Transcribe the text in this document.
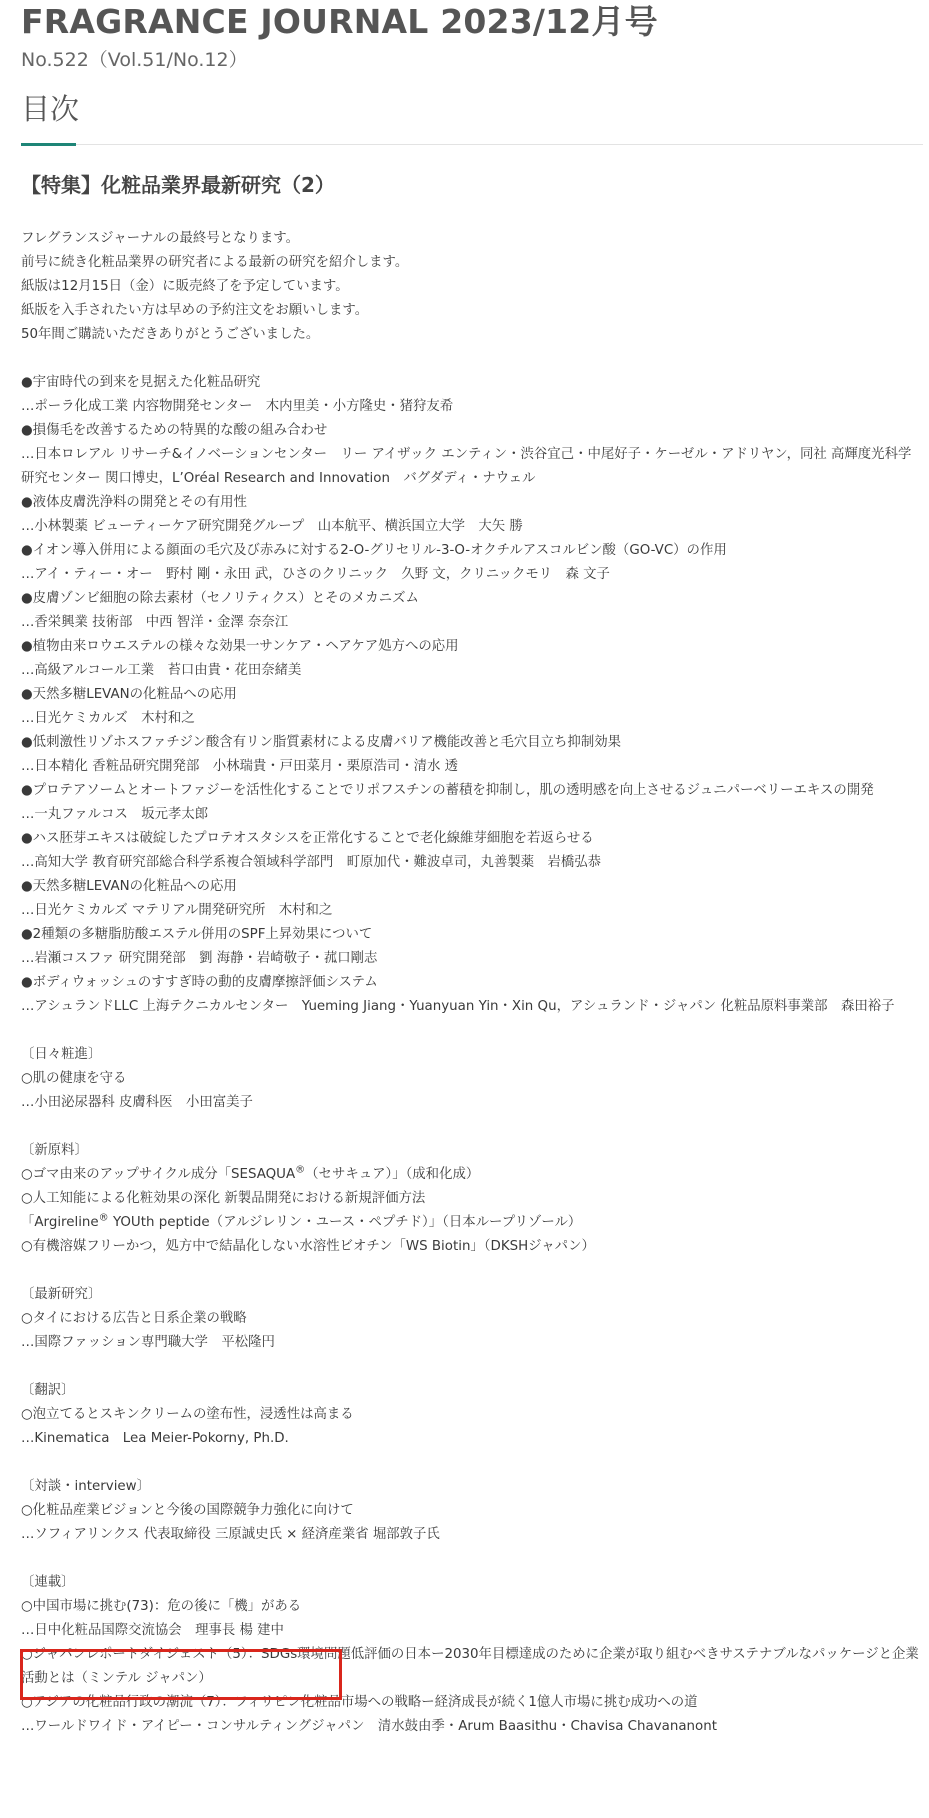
FRAGRANCE JOURNAL 2023/12月号
No.522（Vol.51/No.12）
目次
【特集】化粧品業界最新研究（2）
フレグランスジャーナルの最終号となります。
前号に続き化粧品業界の研究者による最新の研究を紹介します。
紙版は12月15日（金）に販売終了を予定しています。
紙版を入手されたい方は早めの予約注文をお願いします。
50年間ご購読いただきありがとうございました。
●宇宙時代の到来を見据えた化粧品研究
…ポーラ化成工業 内容物開発センター　木内里美・小方隆史・猪狩友希
●損傷毛を改善するための特異的な酸の組み合わせ
…日本ロレアル リサーチ&イノベーションセンター　リー アイザック エンティン・渋谷宜己・中尾好子・ケーゼル・アドリヤン，同社 高輝度光科学研究センター 関口博史，L’Oréal Research and Innovation　バグダディ・ナウェル
●液体皮膚洗浄料の開発とその有用性
…小林製薬 ビューティーケア研究開発グループ　山本航平、横浜国立大学　大矢 勝
●イオン導入併用による顔面の毛穴及び赤みに対する2-O-グリセリル-3-O-オクチルアスコルビン酸（GO-VC）の作用
…アイ・ティー・オー　野村 剛・永田 武，ひさのクリニック　久野 文，クリニックモリ　森 文子
●皮膚ゾンビ細胞の除去素材（セノリティクス）とそのメカニズム
…香栄興業 技術部　中西 智洋・金澤 奈奈江
●植物由来ロウエステルの様々な効果一サンケア・ヘアケア処方への応用
…高級アルコール工業　苔口由貴・花田奈緒美
●天然多糖LEVANの化粧品への応用
…日光ケミカルズ　木村和之
●低刺激性リゾホスファチジン酸含有リン脂質素材による皮膚バリア機能改善と毛穴目立ち抑制効果
…日本精化 香粧品研究開発部　小林瑞貴・戸田菜月・栗原浩司・清水 透
●プロテアソームとオートファジーを活性化することでリポフスチンの蓄積を抑制し，肌の透明感を向上させるジュニパーベリーエキスの開発
…一丸ファルコス　坂元孝太郎
●ハス胚芽エキスは破綻したプロテオスタシスを正常化することで老化線維芽細胞を若返らせる
…高知大学 教育研究部総合科学系複合領域科学部門　町原加代・難波卓司，丸善製薬　岩橋弘恭
●天然多糖LEVANの化粧品への応用
…日光ケミカルズ マテリアル開発研究所　木村和之
●2種類の多糖脂肪酸エステル併用のSPF上昇効果について
…岩瀬コスファ 研究開発部　劉 海静・岩崎敬子・菰口剛志
●ボディウォッシュのすすぎ時の動的皮膚摩擦評価システム
…アシュランドLLC 上海テクニカルセンター　Yueming Jiang・Yuanyuan Yin・Xin Qu，アシュランド・ジャパン 化粧品原料事業部　森田裕子
〔日々粧進〕
○肌の健康を守る
…小田泌尿器科 皮膚科医　小田富美子
〔新原料〕
○ゴマ由来のアップサイクル成分「SESAQUA®（セサキュア）」（成和化成）
○人工知能による化粧効果の深化 新製品開発における新規評価方法
「Argireline® YOUth peptide（アルジレリン・ユース・ペプチド）」（日本ループリゾール）
○有機溶媒フリーかつ，処方中で結晶化しない水溶性ビオチン「WS Biotin」（DKSHジャパン）
〔最新研究〕
○タイにおける広告と日系企業の戦略
…国際ファッション専門職大学　平松隆円
〔翻訳〕
○泡立てるとスキンクリームの塗布性，浸透性は高まる
…Kinematica　Lea Meier-Pokorny, Ph.D.
〔対談・interview〕
○化粧品産業ビジョンと今後の国際競争力強化に向けて
…ソフィアリンクス 代表取締役 三原誠史氏 × 経済産業省 堀部敦子氏
〔連載〕
○中国市場に挑む(73)：危の後に「機」がある
…日中化粧品国際交流協会　理事長 楊 建中
○ジャパンレポートダイジェスト（5）：SDGs環境問題低評価の日本ー2030年目標達成のために企業が取り組むべきサステナブルなパッケージと企業活動とは（ミンテル ジャパン）
○アジアの化粧品行政の潮流（7）：フィリピン化粧品市場への戦略ー経済成長が続く1億人市場に挑む成功への道
…ワールドワイド・アイピー・コンサルティングジャパン　清水鼓由季・Arum Baasithu・Chavisa Chavananont
